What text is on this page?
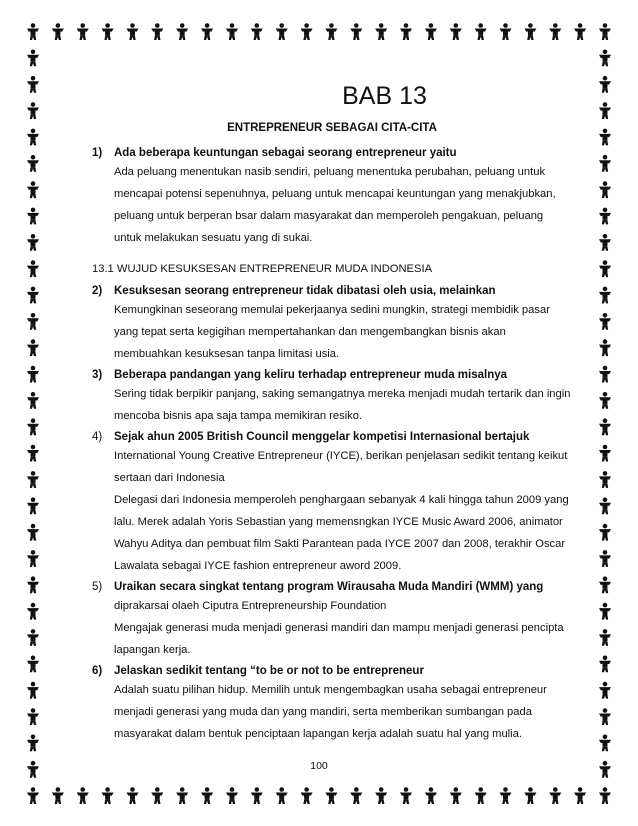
BAB 13
ENTREPRENEUR SEBAGAI CITA-CITA
1)	Ada beberapa keuntungan sebagai seorang entrepreneur yaitu

Ada peluang menentukan nasib sendiri, peluang menentuka perubahan, peluang untuk mencapai potensi sepenuhnya, peluang untuk mencapai keuntungan yang menakjubkan, peluang untuk berperan bsar dalam masyarakat dan memperoleh pengakuan, peluang untuk melakukan sesuatu yang di sukai.

13.1 WUJUD KESUKSESAN ENTREPRENEUR MUDA INDONESIA
2)	Kesuksesan seorang entrepreneur tidak dibatasi oleh usia, melainkan

Kemungkinan seseorang memulai pekerjaanya sedini mungkin, strategi membidik pasar yang tepat serta kegigihan mempertahankan dan mengembangkan bisnis akan membuahkan kesuksesan tanpa limitasi usia.

3)	Beberapa pandangan yang keliru terhadap entrepreneur muda misalnya

Sering tidak berpikir panjang, saking semangatnya mereka menjadi mudah tertarik dan ingin mencoba bisnis apa saja tampa memikiran resiko.

4)	Sejak ahun 2005 British Council menggelar kompetisi Internasional bertajuk

International Young Creative Entrepreneur (IYCE), berikan penjelasan sedikit tentang keikut sertaan dari Indonesia

Delegasi dari Indonesia memperoleh penghargaan sebanyak 4 kali hingga tahun 2009 yang lalu. Merek adalah Yoris Sebastian yang memensngkan IYCE Music Award 2006, animator Wahyu Aditya dan pembuat film Sakti Parantean pada IYCE 2007 dan 2008, terakhir Oscar Lawalata sebagai IYCE fashion entrepreneur aword 2009.

5)	Uraikan secara singkat tentang program Wirausaha Muda Mandiri (WMM) yang

diprakarsai olaeh Ciputra Entrepreneurship Foundation

Mengajak generasi muda menjadi generasi mandiri dan mampu menjadi generasi pencipta lapangan kerja.

6)	Jelaskan sedikit tentang “to be or not to be entrepreneur

Adalah suatu pilihan hidup. Memilih untuk mengembagkan usaha sebagai entrepreneur menjadi generasi yang muda dan yang mandiri, serta memberikan sumbangan pada masyarakat dalam bentuk penciptaan lapangan kerja adalah suatu hal yang mulia.

100
